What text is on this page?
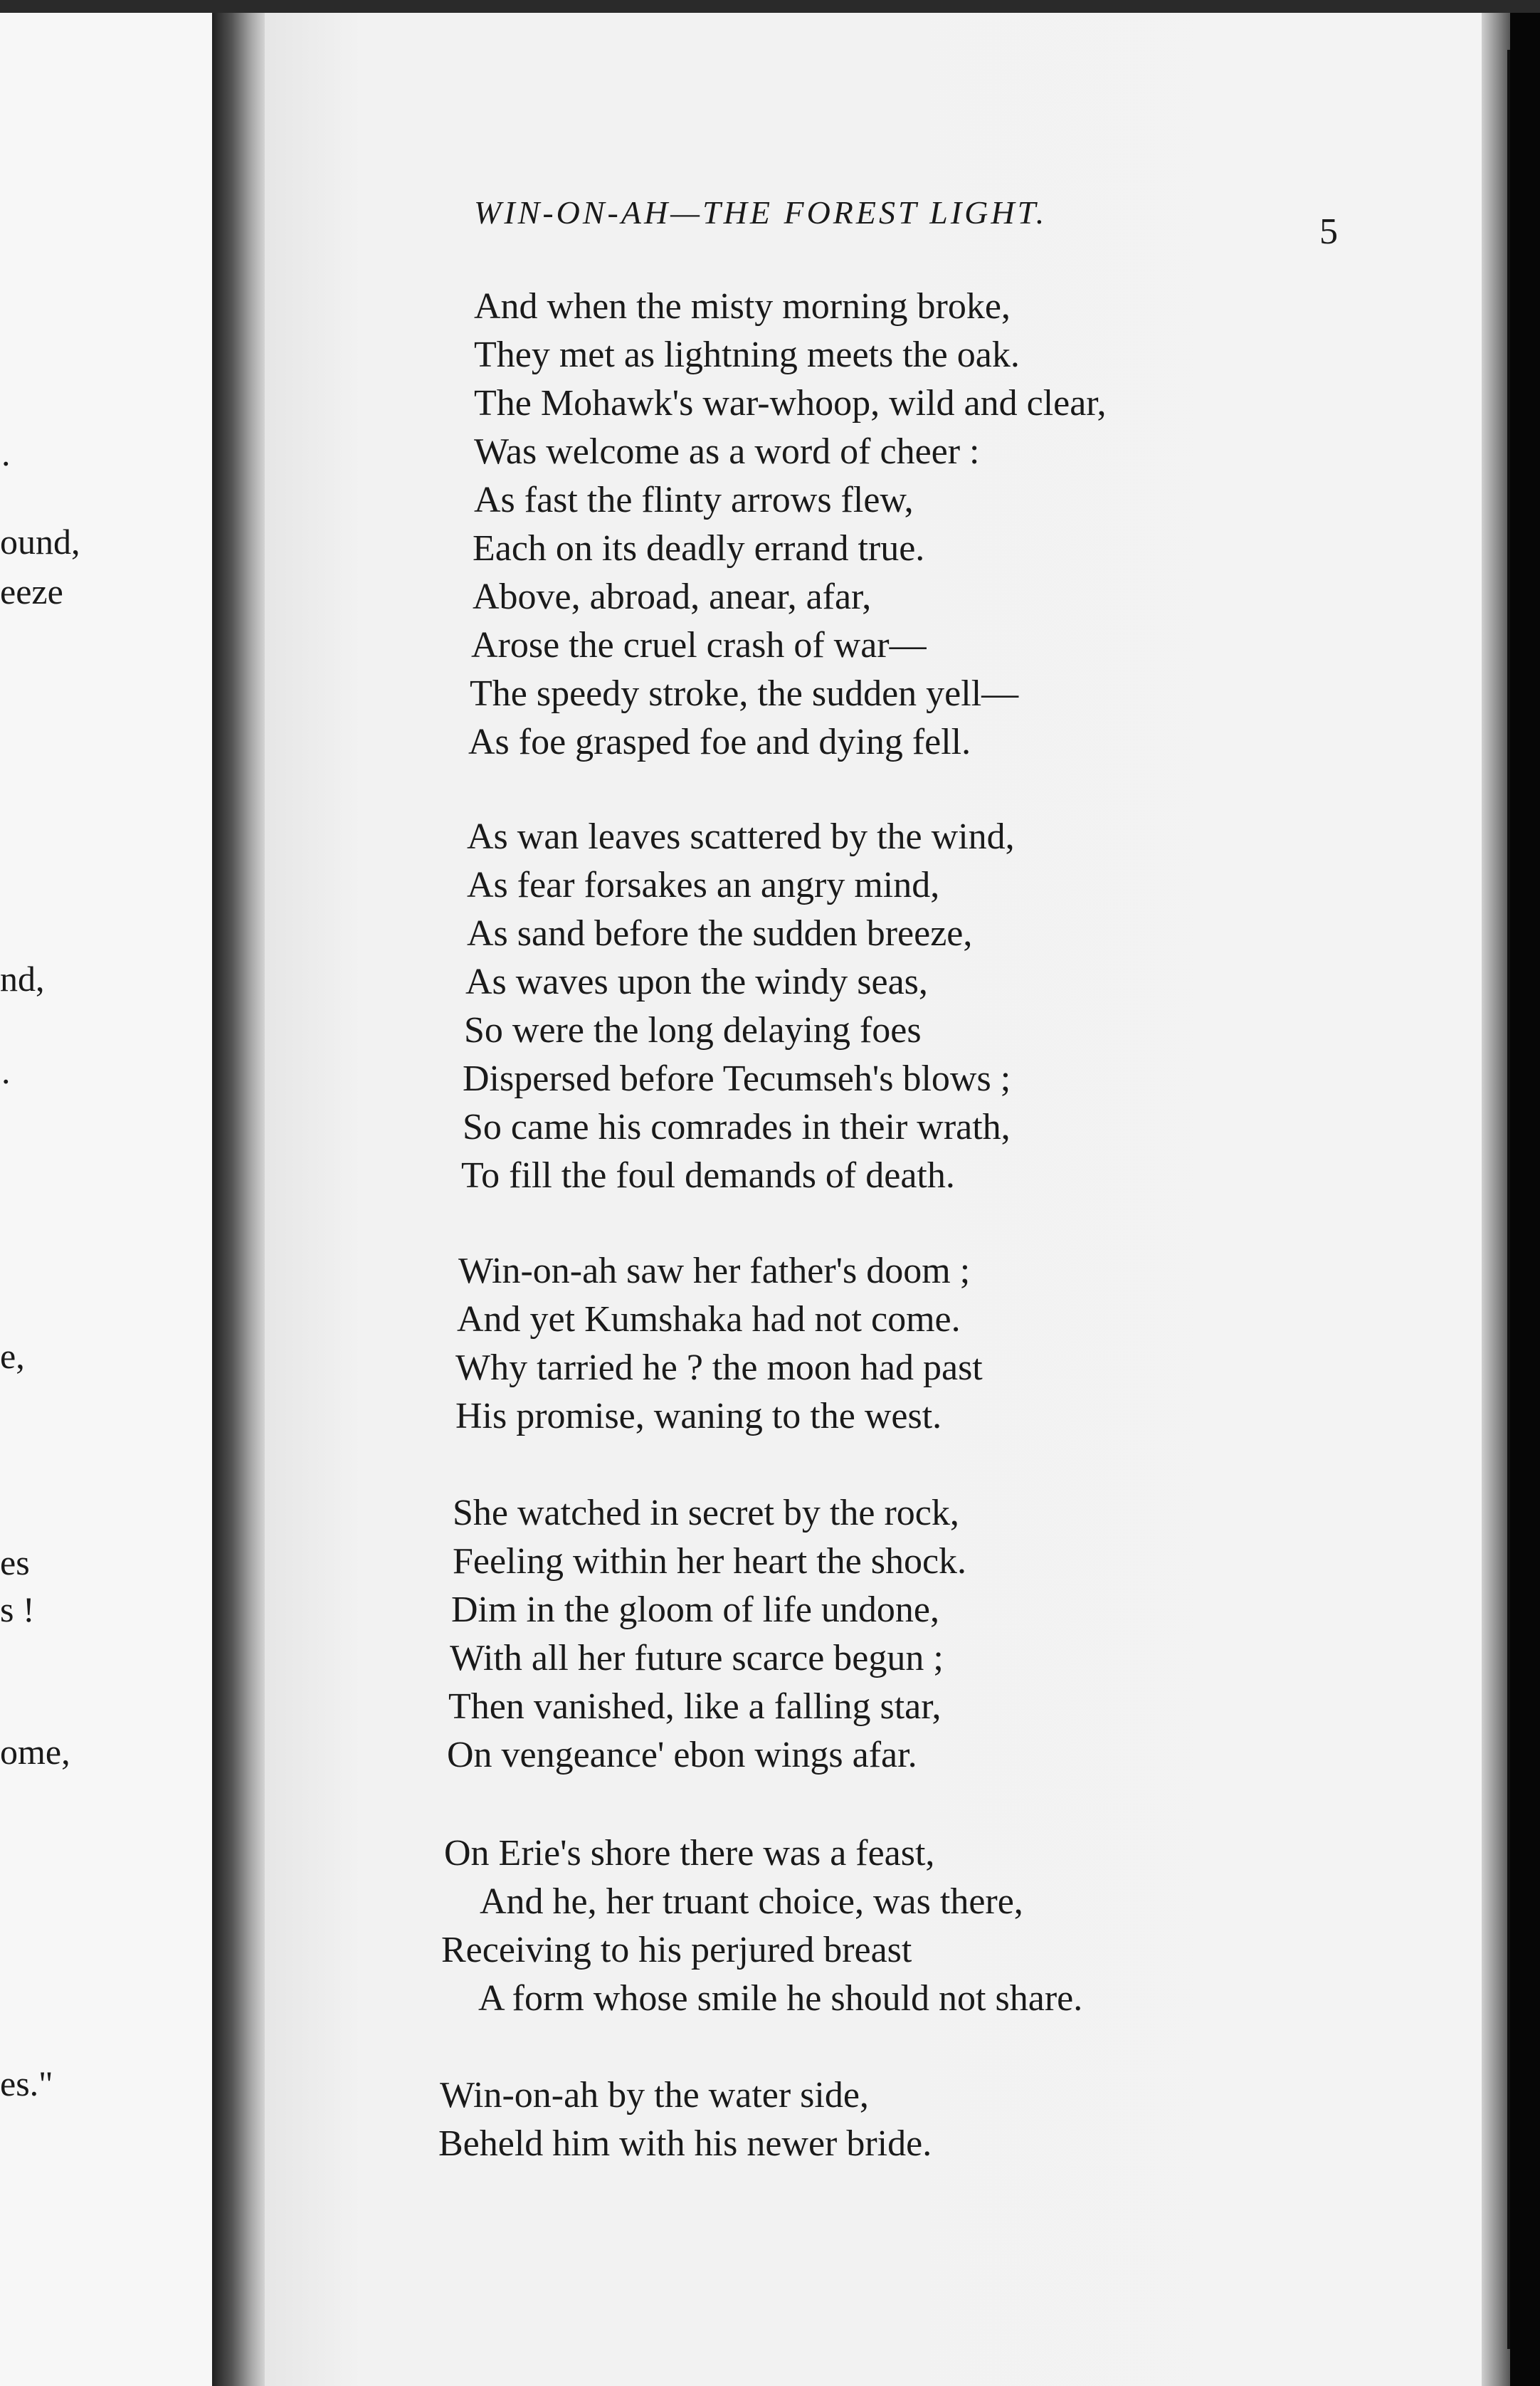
.
ound,
eeze
nd,
.
e,
es
s !
ome,
es."
WIN-ON-AH—THE FOREST LIGHT.	5
And when the misty morning broke,
They met as lightning meets the oak.
The Mohawk's war-whoop, wild and clear,
Was welcome as a word of cheer :
As fast the flinty arrows flew,
Each on its deadly errand true.
Above, abroad, anear, afar,
Arose the cruel crash of war—
The speedy stroke, the sudden yell—
As foe grasped foe and dying fell.
As wan leaves scattered by the wind,
As fear forsakes an angry mind,
As sand before the sudden breeze,
As waves upon the windy seas,
So were the long delaying foes
Dispersed before Tecumseh's blows ;
So came his comrades in their wrath,
To fill the foul demands of death.
Win-on-ah saw her father's doom ;
And yet Kumshaka had not come.
Why tarried he ? the moon had past
His promise, waning to the west.
She watched in secret by the rock,
Feeling within her heart the shock.
Dim in the gloom of life undone,
With all her future scarce begun ;
Then vanished, like a falling star,
On vengeance' ebon wings afar.
On Erie's shore there was a feast,
And he, her truant choice, was there,
Receiving to his perjured breast
A form whose smile he should not share.
Win-on-ah by the water side,
Beheld him with his newer bride.
